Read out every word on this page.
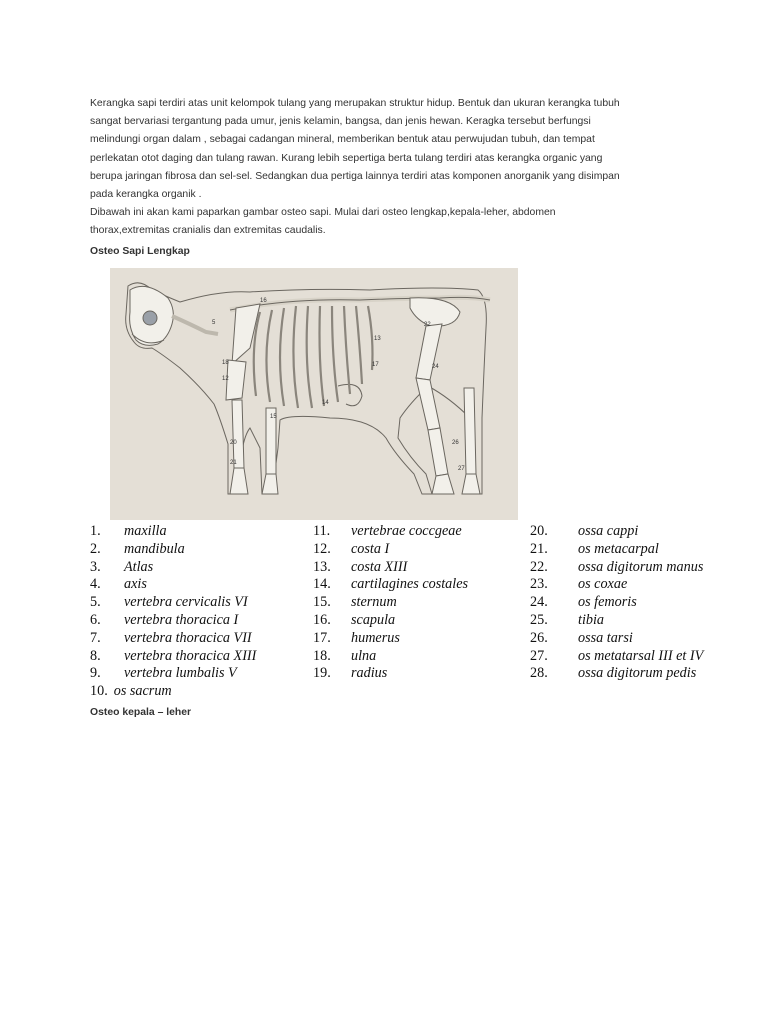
Kerangka sapi terdiri atas unit kelompok tulang yang merupakan struktur hidup. Bentuk dan ukuran kerangka tubuh

sangat bervariasi tergantung pada umur, jenis kelamin, bangsa, dan jenis hewan. Keragka tersebut berfungsi

melindungi organ dalam , sebagai cadangan mineral, memberikan bentuk atau perwujudan tubuh, dan tempat

perlekatan otot daging dan tulang rawan. Kurang lebih sepertiga berta tulang terdiri atas kerangka organic yang

berupa jaringan fibrosa dan sel-sel. Sedangkan dua pertiga lainnya terdiri atas komponen anorganik yang disimpan

pada kerangka organik .

Dibawah ini akan kami paparkan gambar osteo sapi. Mulai dari osteo lengkap,kepala-leher, abdomen

thorax,extremitas cranialis dan extremitas caudalis.

Osteo Sapi Lengkap
5
16
13
17
18
12
14
15
22
24
20
21
26
27
1.	maxilla
2.	mandibula
3.	Atlas
4.	axis
5.	vertebra cervicalis VI
6.	vertebra thoracica I
7.	vertebra thoracica VII
8.	vertebra thoracica XIII
9.	vertebra lumbalis V
10. os sacrum
11.	vertebrae coccgeae
12.	costa I
13.	costa XIII
14.	cartilagines costales
15.	sternum
16.	scapula
17.	humerus
18.	ulna
19.	radius
20.	ossa cappi
21.	os metacarpal
22.	ossa digitorum manus
23.	os coxae
24.	os femoris
25.	tibia
26.	ossa tarsi
27.	os metatarsal III et IV
28.	ossa digitorum pedis
Osteo kepala – leher
